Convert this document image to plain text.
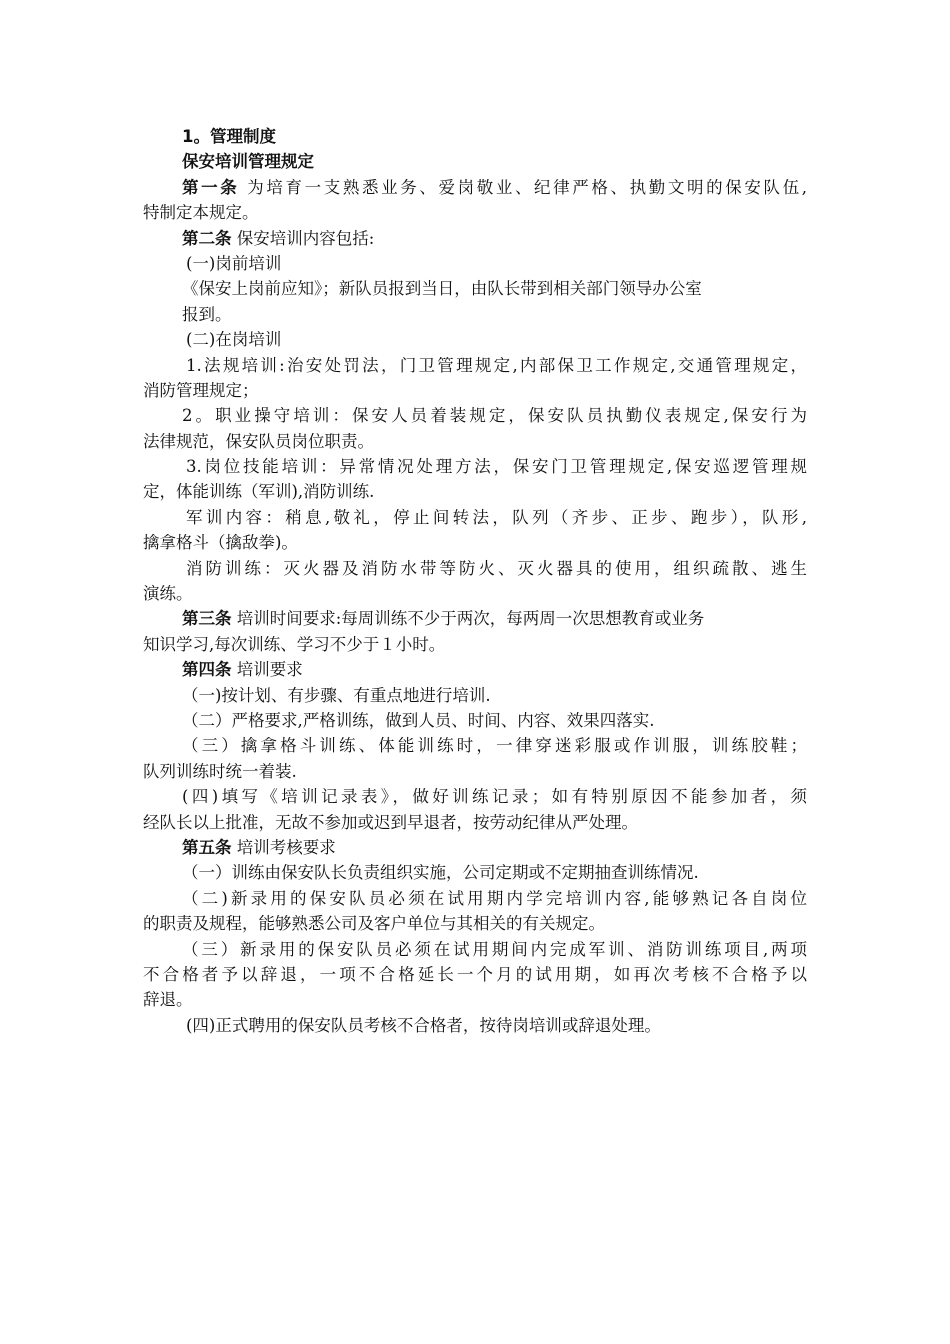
1。管理制度
保安培训管理规定
第一条 为培育一支熟悉业务、爱岗敬业、纪律严格、执勤文明的保安队伍,
特制定本规定。
第二条 保安培训内容包括:
(一)岗前培训
《保安上岗前应知》；新队员报到当日，由队长带到相关部门领导办公室
报到。
(二)在岗培训
1.法规培训:治安处罚法，门卫管理规定,内部保卫工作规定,交通管理规定，
消防管理规定；
2。职业操守培训：保安人员着装规定，保安队员执勤仪表规定,保安行为
法律规范，保安队员岗位职责。
3.岗位技能培训：异常情况处理方法，保安门卫管理规定,保安巡逻管理规
定，体能训练（军训),消防训练.
军训内容：稍息,敬礼，停止间转法，队列（齐步、正步、跑步），队形,
擒拿格斗（擒敌拳)。
消防训练：灭火器及消防水带等防火、灭火器具的使用，组织疏散、逃生
演练。
第三条 培训时间要求:每周训练不少于两次，每两周一次思想教育或业务
知识学习,每次训练、学习不少于１小时。
第四条 培训要求
（一)按计划、有步骤、有重点地进行培训.
（二）严格要求,严格训练，做到人员、时间、内容、效果四落实.
（三）擒拿格斗训练、体能训练时，一律穿迷彩服或作训服，训练胶鞋；
队列训练时统一着装.
(四)填写《培训记录表》，做好训练记录；如有特别原因不能参加者，须
经队长以上批准，无故不参加或迟到早退者，按劳动纪律从严处理。
第五条 培训考核要求
（一）训练由保安队长负责组织实施，公司定期或不定期抽查训练情况.
（二)新录用的保安队员必须在试用期内学完培训内容,能够熟记各自岗位
的职责及规程，能够熟悉公司及客户单位与其相关的有关规定。
（三）新录用的保安队员必须在试用期间内完成军训、消防训练项目,两项
不合格者予以辞退，一项不合格延长一个月的试用期，如再次考核不合格予以
辞退。
(四)正式聘用的保安队员考核不合格者，按待岗培训或辞退处理。
